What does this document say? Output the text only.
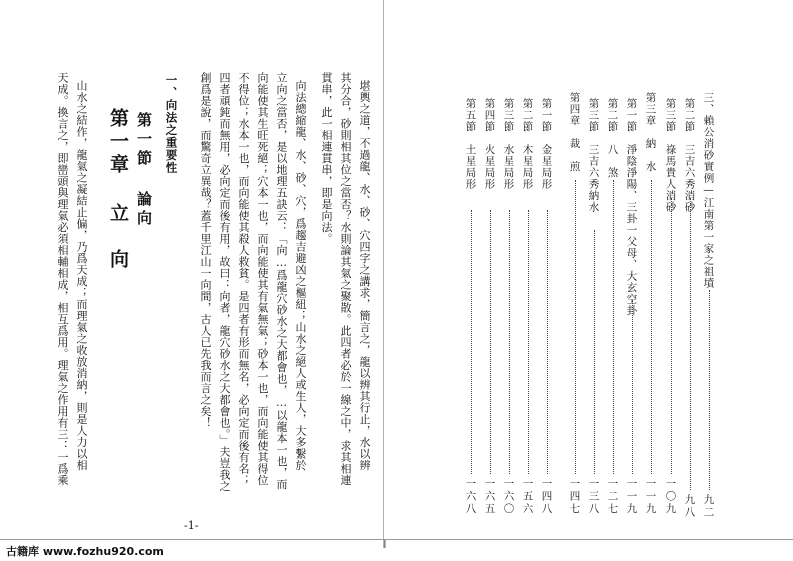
堪輿之道，不過龍、水、砂、穴四字之講求，簡言之，龍以辨其行止，水以辨
其分合，砂則相其位之當否？水則論其氣之聚散。此四者必於一線之中，求其相連
貫串，此一相連貫串，即是向法。
向法總縮龍、水、砂、穴，爲趨吉避凶之樞紐；山水之絕人或生人，大多繫於
立向之當否，是以地理五訣云：「向…爲龍穴砂水之大都會也，…以龍本一也，而
向能使其生旺死絕；穴本一也，而向能使其有氣無氣；砂本一也，而向能使其得位
不得位；水本一也，而向能使其殺人救貧。是四者有形而無名，必向定而後有名；
四者頑鈍而無用，必向定而後有用，故曰：向者，龍穴砂水之大都會也。」夫豈我之
創爲是說，而驚奇立異哉？蓋千里江山一向間，古人已先我而言之矣！
山水之結作，龍氣之凝結止偏，乃爲天成；而理氣之收放消納，則是人力以相
天成。換言之，即巒頭與理氣必須相輔相成，相互爲用。理氣之作用有三：一爲乘 第一章 立　向 第一節 論向 一、向法之重要性
-1-
三、賴公消砂實例—江南第一家之祖墳
九二
第二節　三吉六秀消砂
九八
第三節　祿馬貴人消砂
一〇九
第三章　納　水
一一九
第一節　淨陰淨陽、三卦一父母、大玄空卦
一一九
第二節　八　煞
一二七
第三節　三吉六秀納水
一三八
第四章　裁　煎
一四七
第一節　金星局形
一四八
第二節　木星局形
一五六
第三節　水星局形
一六〇
第四節　火星局形
一六五
第五節　土星局形
一六八
古籍库 www.fozhu920.com
